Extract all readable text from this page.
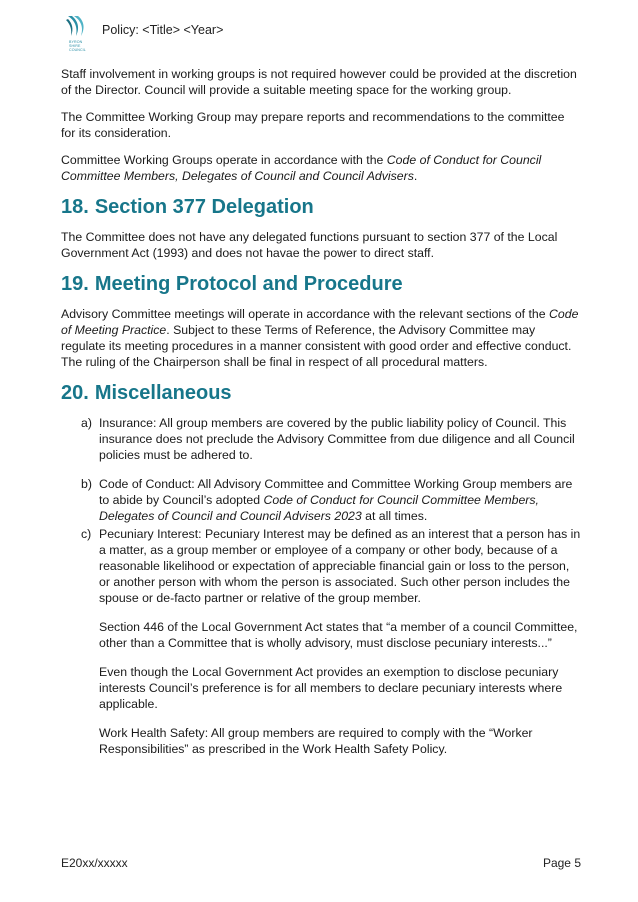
BYRON
SHIRE
COUNCIL
Policy: <Title> <Year>

Staff involvement in working groups is not required however could be provided at the discretion of the Director. Council will provide a suitable meeting space for the working group.

The Committee Working Group may prepare reports and recommendations to the committee for its consideration.

Committee Working Groups operate in accordance with the Code of Conduct for Council Committee Members, Delegates of Council and Council Advisers.

18. Section 377 Delegation

The Committee does not have any delegated functions pursuant to section 377 of the Local Government Act (1993) and does not havae the power to direct staff.

19. Meeting Protocol and Procedure

Advisory Committee meetings will operate in accordance with the relevant sections of the Code of Meeting Practice. Subject to these Terms of Reference, the Advisory Committee may regulate its meeting procedures in a manner consistent with good order and effective conduct. The ruling of the Chairperson shall be final in respect of all procedural matters.

20. Miscellaneous
a) Insurance: All group members are covered by the public liability policy of Council. This insurance does not preclude the Advisory Committee from due diligence and all Council policies must be adhered to.

b) Code of Conduct: All Advisory Committee and Committee Working Group members are to abide by Council’s adopted Code of Conduct for Council Committee Members, Delegates of Council and Council Advisers 2023 at all times.

c) Pecuniary Interest: Pecuniary Interest may be defined as an interest that a person has in a matter, as a group member or employee of a company or other body, because of a reasonable likelihood or expectation of appreciable financial gain or loss to the person, or another person with whom the person is associated. Such other person includes the spouse or de-facto partner or relative of the group member.

Section 446 of the Local Government Act states that “a member of a council Committee, other than a Committee that is wholly advisory, must disclose pecuniary interests...”

Even though the Local Government Act provides an exemption to disclose pecuniary interests Council’s preference is for all members to declare pecuniary interests where applicable.

Work Health Safety: All group members are required to comply with the “Worker Responsibilities” as prescribed in the Work Health Safety Policy.

E20xx/xxxxx	Page 5
